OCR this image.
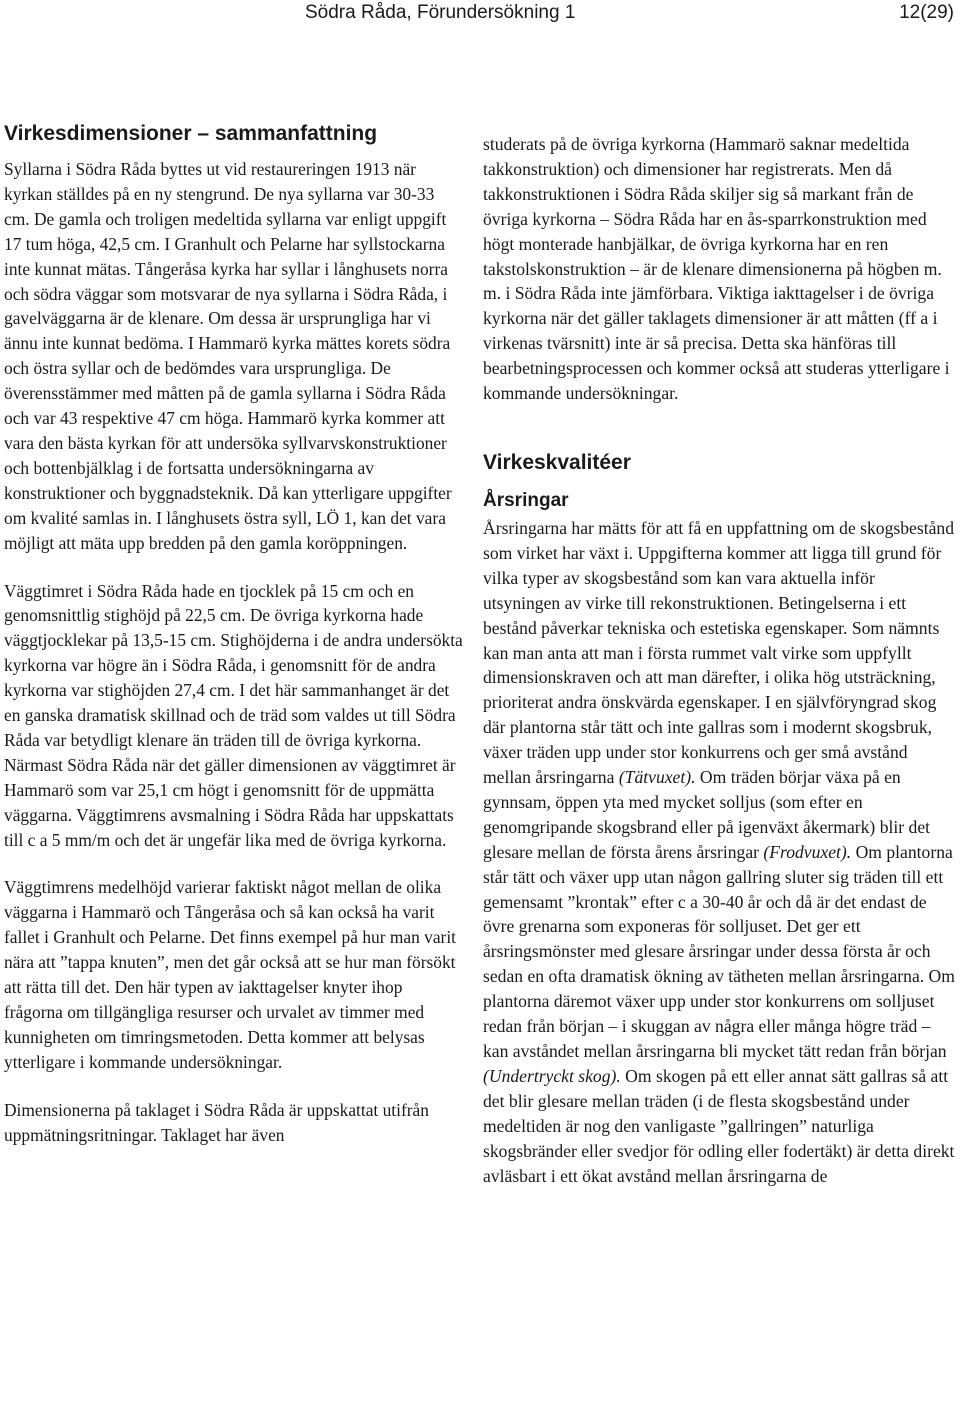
Södra Råda, Förundersökning 1	12(29)
Virkesdimensioner – sammanfattning

Syllarna i Södra Råda byttes ut vid restaureringen 1913 när kyrkan ställdes på en ny stengrund. De nya syllarna var 30-33 cm. De gamla och troligen medeltida syllarna var enligt uppgift 17 tum höga, 42,5 cm. I Granhult och Pelarne har syllstockarna inte kunnat mätas. Tångeråsa kyrka har syllar i långhusets norra och södra väggar som motsvarar de nya syllarna i Södra Råda, i gavelväggarna är de klenare. Om dessa är ursprungliga har vi ännu inte kunnat bedöma. I Hammarö kyrka mättes korets södra och östra syllar och de bedömdes vara ursprungliga. De överensstämmer med måtten på de gamla syllarna i Södra Råda och var 43 respektive 47 cm höga. Hammarö kyrka kommer att vara den bästa kyrkan för att undersöka syllvarvskonstruktioner och bottenbjälklag i de fortsatta undersökningarna av konstruktioner och byggnadsteknik. Då kan ytterligare uppgifter om kvalité samlas in. I långhusets östra syll, LÖ 1, kan det vara möjligt att mäta upp bredden på den gamla koröppningen.

Väggtimret i Södra Råda hade en tjocklek på 15 cm och en genomsnittlig stighöjd på 22,5 cm. De övriga kyrkorna hade väggtjocklekar på 13,5-15 cm. Stighöjderna i de andra undersökta kyrkorna var högre än i Södra Råda, i genomsnitt för de andra kyrkorna var stighöjden 27,4 cm. I det här sammanhanget är det en ganska dramatisk skillnad och de träd som valdes ut till Södra Råda var betydligt klenare än träden till de övriga kyrkorna. Närmast Södra Råda när det gäller dimensionen av väggtimret är Hammarö som var 25,1 cm högt i genomsnitt för de uppmätta väggarna. Väggtimrens avsmalning i Södra Råda har uppskattats till c a 5 mm/m och det är ungefär lika med de övriga kyrkorna.

Väggtimrens medelhöjd varierar faktiskt något mellan de olika väggarna i Hammarö och Tångeråsa och så kan också ha varit fallet i Granhult och Pelarne. Det finns exempel på hur man varit nära att ”tappa knuten”, men det går också att se hur man försökt att rätta till det. Den här typen av iakttagelser knyter ihop frågorna om tillgängliga resurser och urvalet av timmer med kunnigheten om timringsmetoden. Detta kommer att belysas ytterligare i kommande undersökningar.

Dimensionerna på taklaget i Södra Råda är uppskattat utifrån uppmätningsritningar. Taklaget har även

studerats på de övriga kyrkorna (Hammarö saknar medeltida takkonstruktion) och dimensioner har registrerats. Men då takkonstruktionen i Södra Råda skiljer sig så markant från de övriga kyrkorna – Södra Råda har en ås-sparrkonstruktion med högt monterade hanbjälkar, de övriga kyrkorna har en ren takstolskonstruktion – är de klenare dimensionerna på högben m. m. i Södra Råda inte jämförbara. Viktiga iakttagelser i de övriga kyrkorna när det gäller taklagets dimensioner är att måtten (ff a i virkenas tvärsnitt) inte är så precisa. Detta ska hänföras till bearbetningsprocessen och kommer också att studeras ytterligare i kommande undersökningar.

Virkeskvalitéer
Årsringar

Årsringarna har mätts för att få en uppfattning om de skogsbestånd som virket har växt i. Uppgifterna kommer att ligga till grund för vilka typer av skogsbestånd som kan vara aktuella inför utsyningen av virke till rekonstruktionen. Betingelserna i ett bestånd påverkar tekniska och estetiska egenskaper. Som nämnts kan man anta att man i första rummet valt virke som uppfyllt dimensionskraven och att man därefter, i olika hög utsträckning, prioriterat andra önskvärda egenskaper. I en självföryngrad skog där plantorna står tätt och inte gallras som i modernt skogsbruk, växer träden upp under stor konkurrens och ger små avstånd mellan årsringarna (Tätvuxet). Om träden börjar växa på en gynnsam, öppen yta med mycket solljus (som efter en genomgripande skogsbrand eller på igenväxt åkermark) blir det glesare mellan de första årens årsringar (Frodvuxet). Om plantorna står tätt och växer upp utan någon gallring sluter sig träden till ett gemensamt ”krontak” efter c a 30-40 år och då är det endast de övre grenarna som exponeras för solljuset. Det ger ett årsringsmönster med glesare årsringar under dessa första år och sedan en ofta dramatisk ökning av tätheten mellan årsringarna. Om plantorna däremot växer upp under stor konkurrens om solljuset redan från början – i skuggan av några eller många högre träd – kan avståndet mellan årsringarna bli mycket tätt redan från början (Undertryckt skog). Om skogen på ett eller annat sätt gallras så att det blir glesare mellan träden (i de flesta skogsbestånd under medeltiden är nog den vanligaste ”gallringen” naturliga skogsbränder eller svedjor för odling eller fodertäkt) är detta direkt avläsbart i ett ökat avstånd mellan årsringarna de
